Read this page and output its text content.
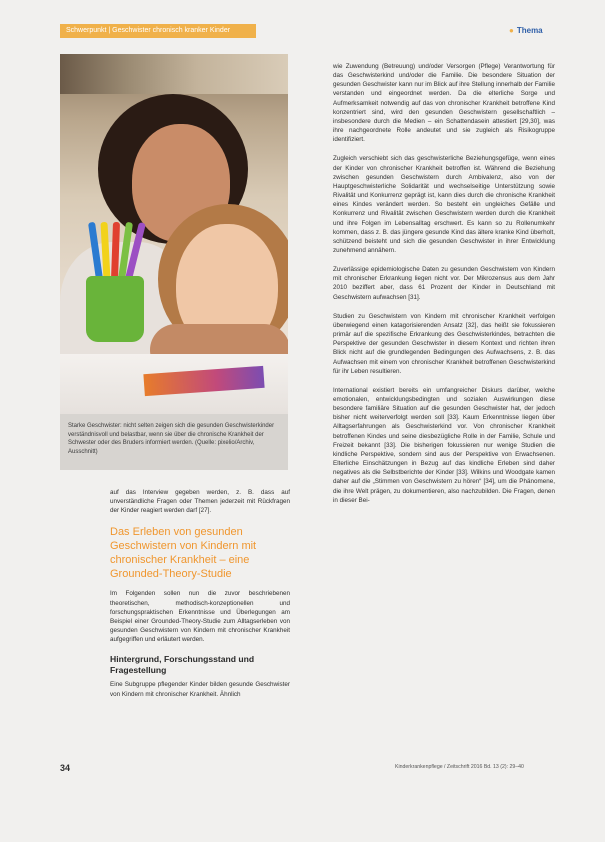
Schwerpunkt | Geschwister chronisch kranker Kinder	● Thema
Starke Geschwister: nicht selten zeigen sich die gesunden Geschwisterkinder verständnisvoll und belastbar, wenn sie über die chronische Krankheit der Schwester oder des Bruders informiert werden. (Quelle: pixelio/Archiv, Ausschnitt)

auf das Interview gegeben werden, z. B. dass auf unverständliche Fragen oder Themen jederzeit mit Rückfragen der Kinder reagiert werden darf [27].

Das Erleben von gesunden Geschwistern von Kindern mit chronischer Krankheit – eine Grounded-Theory-Studie

Im Folgenden sollen nun die zuvor beschriebenen theoretischen, methodisch-konzeptionellen und forschungspraktischen Erkenntnisse und Überlegungen am Beispiel einer Grounded-Theory-Studie zum Alltagserleben von gesunden Geschwistern von Kindern mit chronischer Krankheit aufgegriffen und erläutert werden.

Hintergrund, Forschungsstand und Fragestellung

Eine Subgruppe pflegender Kinder bilden gesunde Geschwister von Kindern mit chronischer Krankheit. Ähnlich

wie Zuwendung (Betreuung) und/oder Versorgen (Pflege) Verantwortung für das Geschwisterkind und/oder die Familie. Die besondere Situation der gesunden Geschwister kann nur im Blick auf ihre Stellung innerhalb der Familie verstanden und eingeordnet werden. Da die elterliche Sorge und Aufmerksamkeit notwendig auf das von chronischer Krankheit betroffene Kind konzentriert sind, wird den gesunden Geschwistern gesellschaftlich – insbesondere durch die Medien – ein Schattendasein attestiert [29,30], was ihre nachgeordnete Rolle andeutet und sie zugleich als Risikogruppe identifiziert.

Zugleich verschiebt sich das geschwisterliche Beziehungsgefüge, wenn eines der Kinder von chronischer Krankheit betroffen ist. Während die Beziehung zwischen gesunden Geschwistern durch Ambivalenz, also von der Hauptgeschwisterliche Solidarität und wechselseitige Unterstützung sowie Rivalität und Konkurrenz geprägt ist, kann dies durch die chronische Krankheit eines Kindes verändert werden. So besteht ein ungleiches Gefälle und Konkurrenz und Rivalität zwischen Geschwistern werden durch die Krankheit und ihre Folgen im Lebensalltag erschwert. Es kann so zu Rollenumkehr kommen, dass z. B. das jüngere gesunde Kind das ältere kranke Kind überholt, schützend beisteht und sich die gesunden Geschwister in ihrer Entwicklung zunehmend annähern.

Zuverlässige epidemiologische Daten zu gesunden Geschwistern von Kindern mit chronischer Erkrankung liegen nicht vor. Der Mikrozensus aus dem Jahr 2010 beziffert aber, dass 61 Prozent der Kinder in Deutschland mit Geschwistern aufwachsen [31].

Studien zu Geschwistern von Kindern mit chronischer Krankheit verfolgen überwiegend einen katagorisierenden Ansatz [32], das heißt sie fokussieren primär auf die spezifische Erkrankung des Geschwisterkindes, betrachten die Perspektive der gesunden Geschwister in diesem Kontext und richten ihren Blick nicht auf die grundlegenden Bedingungen des Aufwachsens, z. B. das Aufwachsen mit einem von chronischer Krankheit betroffenen Geschwisterkind für ihr Leben resultieren.

International existiert bereits ein umfangreicher Diskurs darüber, welche emotionalen, entwicklungsbedingten und sozialen Auswirkungen diese besondere familiäre Situation auf die gesunden Geschwister hat, der jedoch bisher nicht weiterverfolgt werden soll [33]. Kaum Erkenntnisse liegen über Alltagserfahrungen als Geschwisterkind vor. Von chronischer Krankheit betroffenen Kindes und seine diesbezügliche Rolle in der Familie, Schule und Freizeit bekannt [33]. Die bisherigen fokussieren nur wenige Studien die kindliche Perspektive, sondern sind aus der Perspektive von Erwachsenen. Elterliche Einschätzungen in Bezug auf das kindliche Erleben sind daher negatives als die Selbstberichte der Kinder [33]. Wilkins und Woodgate kamen daher auf die „Stimmen von Geschwistern zu hören“ [34], um die Phänomene, die ihre Welt prägen, zu dokumentieren, also nachzubilden. Die Fragen, denen in dieser Bei-

34	Kinderkrankenpflege / Zeitschrift 2016 Bd. 13 (2): 29–40
